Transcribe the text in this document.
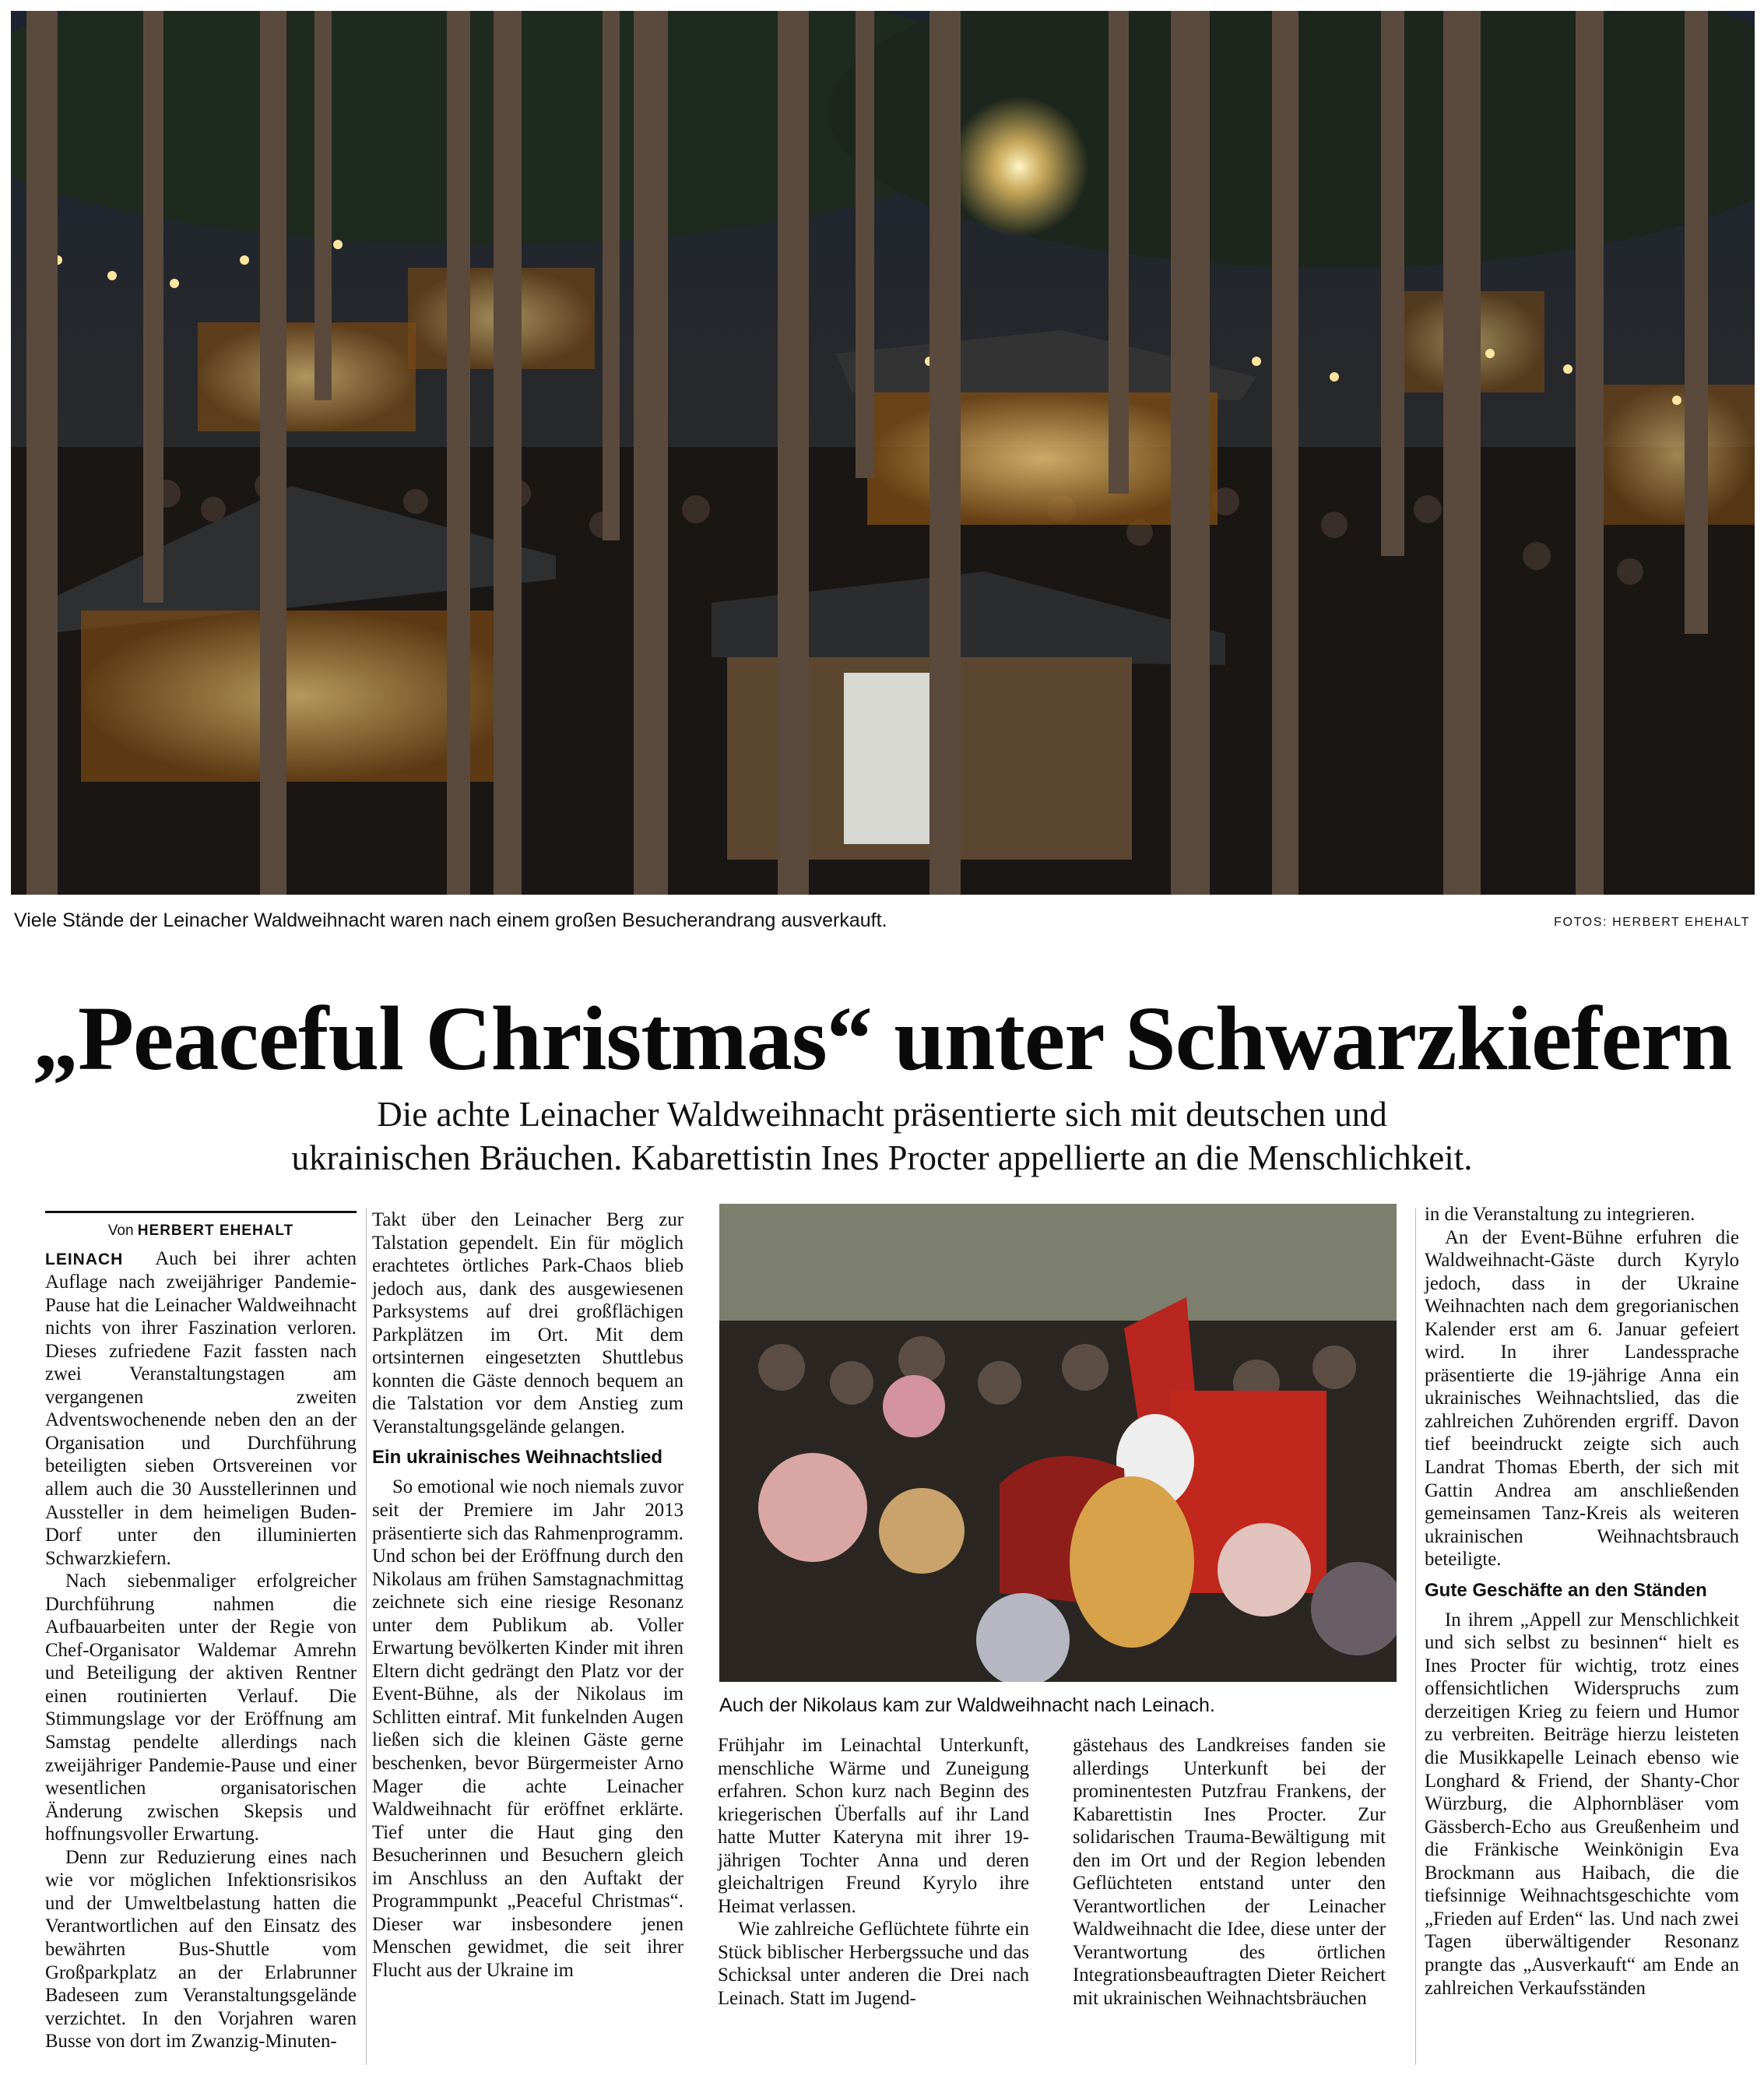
Viele Stände der Leinacher Waldweihnacht waren nach einem großen Besucherandrang ausverkauft.	FOTOS: HERBERT EHEHALT
„Peaceful Christmas“ unter Schwarzkiefern
Die achte Leinacher Waldweihnacht präsentierte sich mit deutschen und
ukrainischen Bräuchen. Kabarettistin Ines Procter appellierte an die Menschlichkeit.
Von HERBERT EHEHALT

LEINACH Auch bei ihrer achten Auflage nach zweijähriger Pandemie-Pause hat die Leinacher Waldweihnacht nichts von ihrer Faszination verloren. Dieses zufriedene Fazit fassten nach zwei Veranstaltungstagen am vergangenen zweiten Adventswochenende neben den an der Organisation und Durchführung beteiligten sieben Ortsvereinen vor allem auch die 30 Ausstellerinnen und Aussteller in dem heimeligen Buden-Dorf unter den illuminierten Schwarzkiefern.

Nach siebenmaliger erfolgreicher Durchführung nahmen die Aufbauarbeiten unter der Regie von Chef-Organisator Waldemar Amrehn und Beteiligung der aktiven Rentner einen routinierten Verlauf. Die Stimmungslage vor der Eröffnung am Samstag pendelte allerdings nach zweijähriger Pandemie-Pause und einer wesentlichen organisatorischen Änderung zwischen Skepsis und hoffnungsvoller Erwartung.

Denn zur Reduzierung eines nach wie vor möglichen Infektionsrisikos und der Umweltbelastung hatten die Verantwortlichen auf den Einsatz des bewährten Bus-Shuttle vom Großparkplatz an der Erlabrunner Badeseen zum Veranstaltungsgelände verzichtet. In den Vorjahren waren Busse von dort im Zwanzig-Minuten-

Takt über den Leinacher Berg zur Talstation gependelt. Ein für möglich erachtetes örtliches Park-Chaos blieb jedoch aus, dank des ausgewiesenen Parksystems auf drei großflächigen Parkplätzen im Ort. Mit dem ortsinternen eingesetzten Shuttlebus konnten die Gäste dennoch bequem an die Talstation vor dem Anstieg zum Veranstaltungsgelände gelangen.

Ein ukrainisches Weihnachtslied

So emotional wie noch niemals zuvor seit der Premiere im Jahr 2013 präsentierte sich das Rahmenprogramm. Und schon bei der Eröffnung durch den Nikolaus am frühen Samstagnachmittag zeichnete sich eine riesige Resonanz unter dem Publikum ab. Voller Erwartung bevölkerten Kinder mit ihren Eltern dicht gedrängt den Platz vor der Event-Bühne, als der Nikolaus im Schlitten eintraf. Mit funkelnden Augen ließen sich die kleinen Gäste gerne beschenken, bevor Bürgermeister Arno Mager die achte Leinacher Waldweihnacht für eröffnet erklärte. Tief unter die Haut ging den Besucherinnen und Besuchern gleich im Anschluss an den Auftakt der Programmpunkt „Peaceful Christmas“. Dieser war insbesondere jenen Menschen gewidmet, die seit ihrer Flucht aus der Ukraine im

Auch der Nikolaus kam zur Waldweihnacht nach Leinach.

Frühjahr im Leinachtal Unterkunft, menschliche Wärme und Zuneigung erfahren. Schon kurz nach Beginn des kriegerischen Überfalls auf ihr Land hatte Mutter Kateryna mit ihrer 19-jährigen Tochter Anna und deren gleichaltrigen Freund Kyrylo ihre Heimat verlassen.

Wie zahlreiche Geflüchtete führte ein Stück biblischer Herbergssuche und das Schicksal unter anderen die Drei nach Leinach. Statt im Jugend-

gästehaus des Landkreises fanden sie allerdings Unterkunft bei der prominentesten Putzfrau Frankens, der Kabarettistin Ines Procter. Zur solidarischen Trauma-Bewältigung mit den im Ort und der Region lebenden Geflüchteten entstand unter den Verantwortlichen der Leinacher Waldweihnacht die Idee, diese unter der Verantwortung des örtlichen Integrationsbeauftragten Dieter Reichert mit ukrainischen Weihnachtsbräuchen

in die Veranstaltung zu integrieren.

An der Event-Bühne erfuhren die Waldweihnacht-Gäste durch Kyrylo jedoch, dass in der Ukraine Weihnachten nach dem gregorianischen Kalender erst am 6. Januar gefeiert wird. In ihrer Landessprache präsentierte die 19-jährige Anna ein ukrainisches Weihnachtslied, das die zahlreichen Zuhörenden ergriff. Davon tief beeindruckt zeigte sich auch Landrat Thomas Eberth, der sich mit Gattin Andrea am anschließenden gemeinsamen Tanz-Kreis als weiteren ukrainischen Weihnachtsbrauch beteiligte.

Gute Geschäfte an den Ständen

In ihrem „Appell zur Menschlichkeit und sich selbst zu besinnen“ hielt es Ines Procter für wichtig, trotz eines offensichtlichen Widerspruchs zum derzeitigen Krieg zu feiern und Humor zu verbreiten. Beiträge hierzu leisteten die Musikkapelle Leinach ebenso wie Longhard & Friend, der Shanty-Chor Würzburg, die Alphornbläser vom Gässberch-Echo aus Greußenheim und die Fränkische Weinkönigin Eva Brockmann aus Haibach, die die tiefsinnige Weihnachtsgeschichte vom „Frieden auf Erden“ las. Und nach zwei Tagen überwältigender Resonanz prangte das „Ausverkauft“ am Ende an zahlreichen Verkaufsständen
